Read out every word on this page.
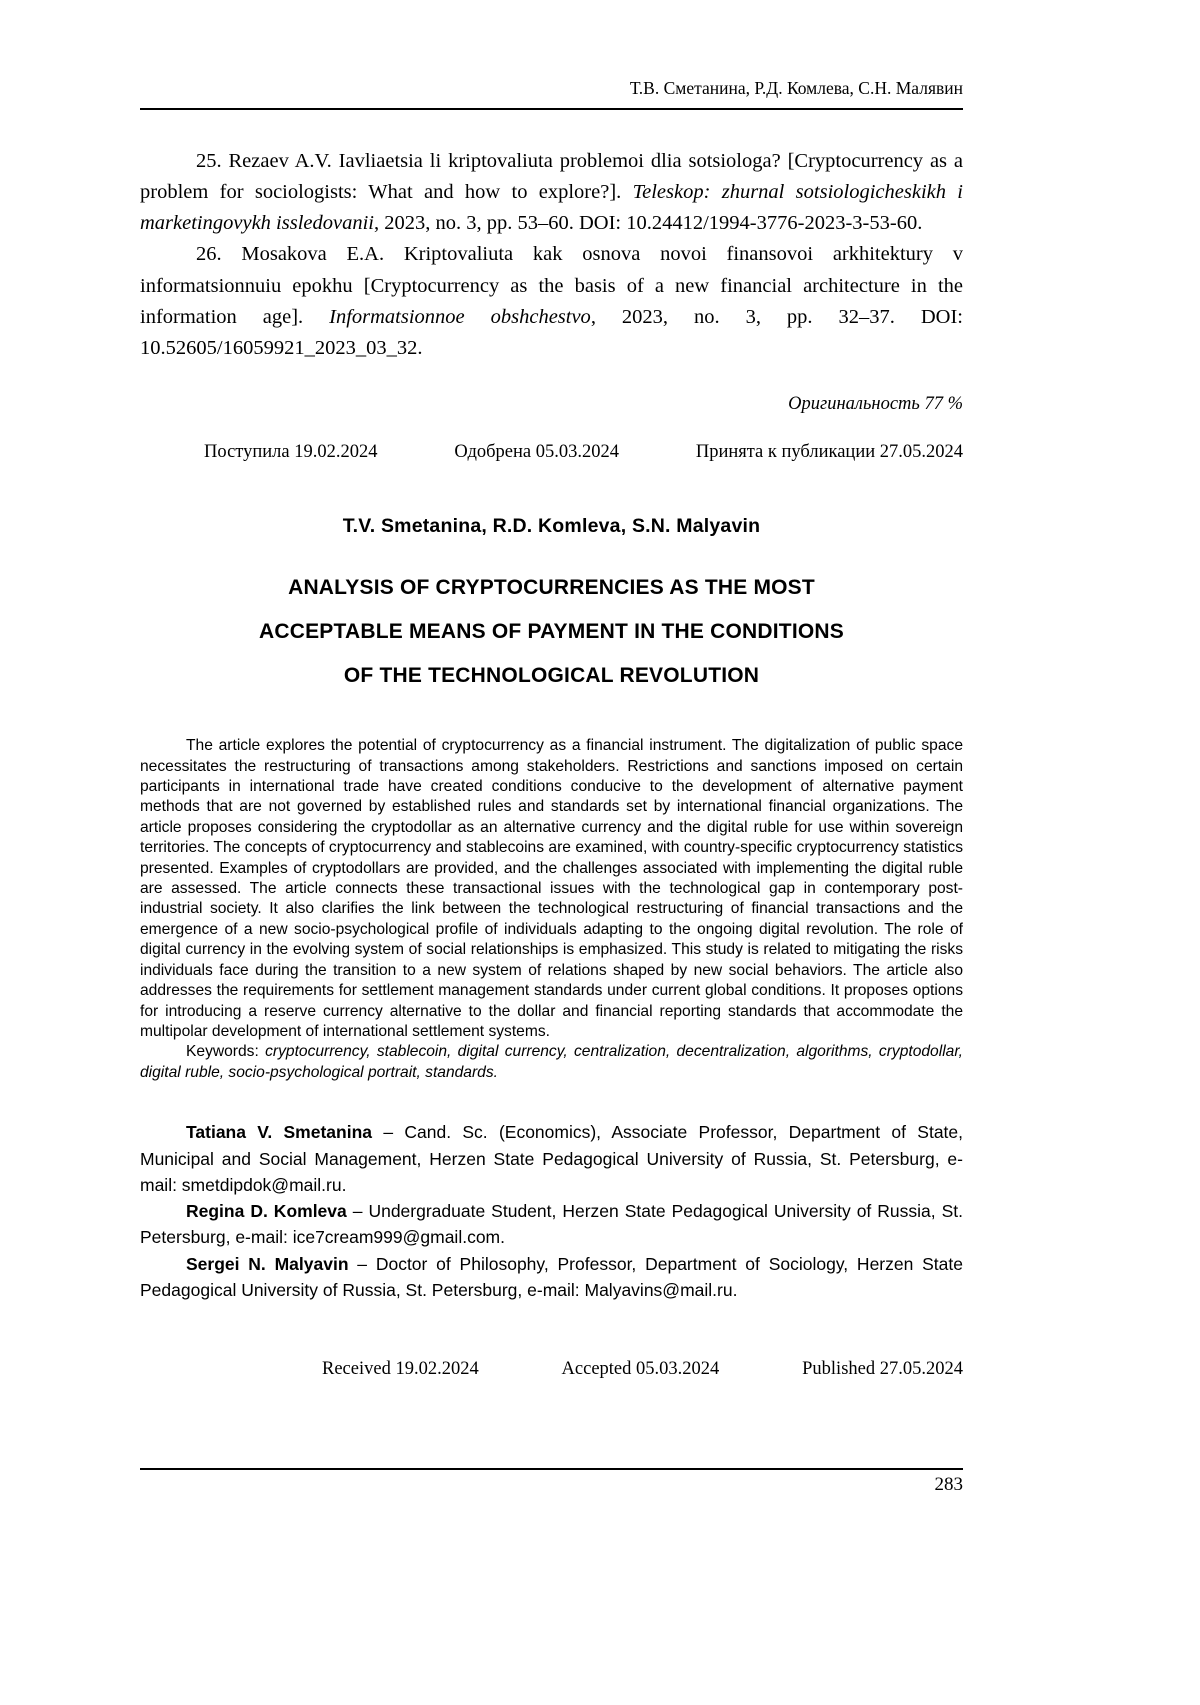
Т.В. Сметанина, Р.Д. Комлева, С.Н. Малявин

25. Rezaev A.V. Iavliaetsia li kriptovaliuta problemoi dlia sotsiologa? [Cryptocurrency as a problem for sociologists: What and how to explore?]. Teleskop: zhurnal sotsiologicheskikh i marketingovykh issledovanii, 2023, no. 3, pp. 53–60. DOI: 10.24412/1994-3776-2023-3-53-60.

26. Mosakova E.A. Kriptovaliuta kak osnova novoi finansovoi arkhitektury v informatsionnuiu epokhu [Cryptocurrency as the basis of a new financial architecture in the information age]. Informatsionnoe obshchestvo, 2023, no. 3, pp. 32–37. DOI: 10.52605/16059921_2023_03_32.

Оригинальность 77 %
Поступила 19.02.2024	Одобрена 05.03.2024	Принята к публикации 27.05.2024
T.V. Smetanina, R.D. Komleva, S.N. Malyavin
ANALYSIS OF CRYPTOCURRENCIES AS THE MOST
ACCEPTABLE MEANS OF PAYMENT IN THE CONDITIONS
OF THE TECHNOLOGICAL REVOLUTION

The article explores the potential of cryptocurrency as a financial instrument. The digitalization of public space necessitates the restructuring of transactions among stakeholders. Restrictions and sanctions imposed on certain participants in international trade have created conditions conducive to the development of alternative payment methods that are not governed by established rules and standards set by international financial organizations. The article proposes considering the cryptodollar as an alternative currency and the digital ruble for use within sovereign territories. The concepts of cryptocurrency and stablecoins are examined, with country-specific cryptocurrency statistics presented. Examples of cryptodollars are provided, and the challenges associated with implementing the digital ruble are assessed. The article connects these transactional issues with the technological gap in contemporary post-industrial society. It also clarifies the link between the technological restructuring of financial transactions and the emergence of a new socio-psychological profile of individuals adapting to the ongoing digital revolution. The role of digital currency in the evolving system of social relationships is emphasized. This study is related to mitigating the risks individuals face during the transition to a new system of relations shaped by new social behaviors. The article also addresses the requirements for settlement management standards under current global conditions. It proposes options for introducing a reserve currency alternative to the dollar and financial reporting standards that accommodate the multipolar development of international settlement systems.

Keywords: cryptocurrency, stablecoin, digital currency, centralization, decentralization, algorithms, cryptodollar, digital ruble, socio-psychological portrait, standards.

Tatiana V. Smetanina – Cand. Sc. (Economics), Associate Professor, Department of State, Municipal and Social Management, Herzen State Pedagogical University of Russia, St. Petersburg, e-mail: smetdipdok@mail.ru.

Regina D. Komleva – Undergraduate Student, Herzen State Pedagogical University of Russia, St. Petersburg, e-mail: ice7cream999@gmail.com.

Sergei N. Malyavin – Doctor of Philosophy, Professor, Department of Sociology, Herzen State Pedagogical University of Russia, St. Petersburg, e-mail: Malyavins@mail.ru.

Received 19.02.2024	Accepted 05.03.2024	Published 27.05.2024
283
